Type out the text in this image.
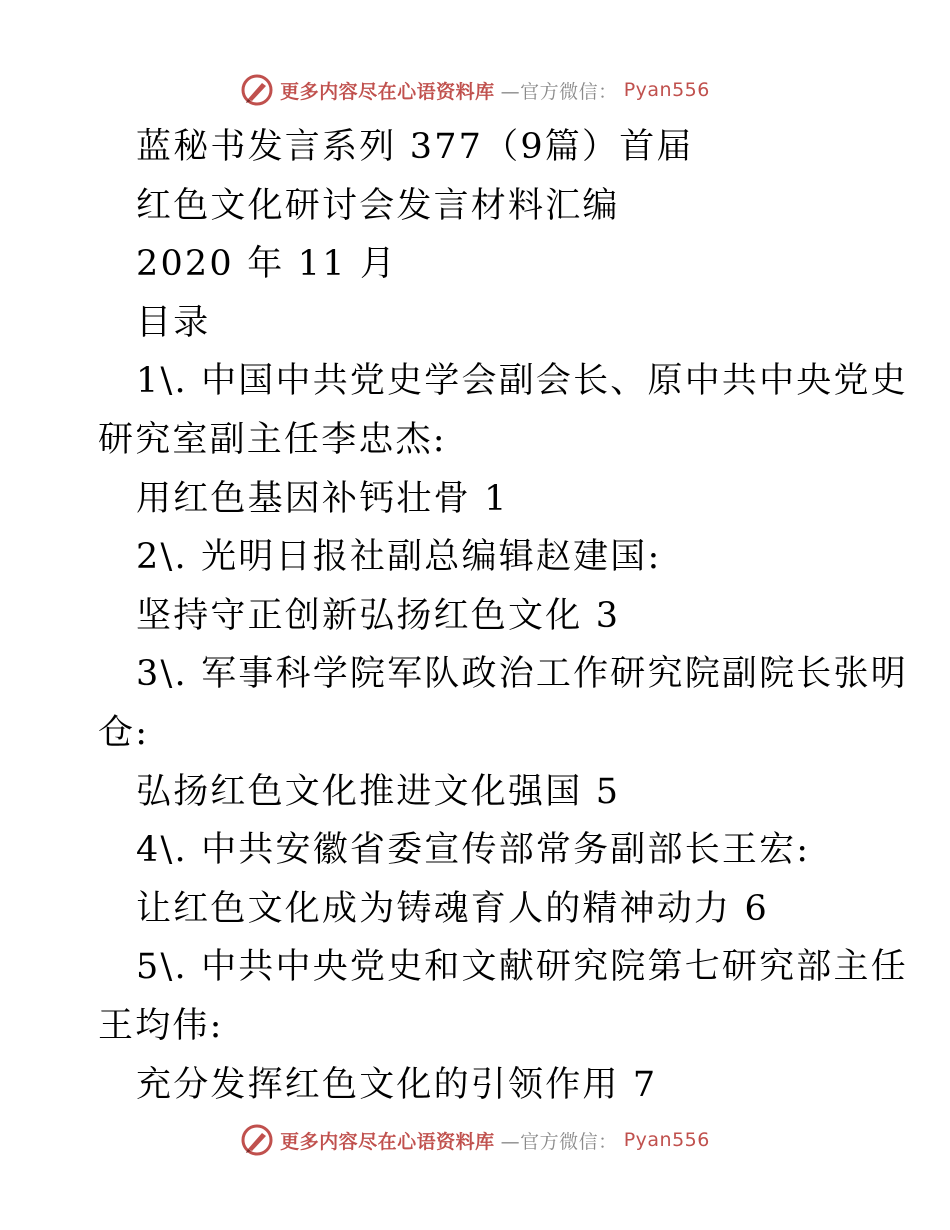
更多内容尽在心语资料库 —官方微信： Pyan556
蓝秘书发言系列 377（9篇）首届
红色文化研讨会发言材料汇编
2020 年 11 月
目录
1\. 中国中共党史学会副会长、原中共中央党史
研究室副主任李忠杰:
用红色基因补钙壮骨 1
2\. 光明日报社副总编辑赵建国:
坚持守正创新弘扬红色文化 3
3\. 军事科学院军队政治工作研究院副院长张明
仓:
弘扬红色文化推进文化强国 5
4\. 中共安徽省委宣传部常务副部长王宏:
让红色文化成为铸魂育人的精神动力 6
5\. 中共中央党史和文献研究院第七研究部主任
王均伟:
充分发挥红色文化的引领作用 7
更多内容尽在心语资料库 —官方微信： Pyan556
